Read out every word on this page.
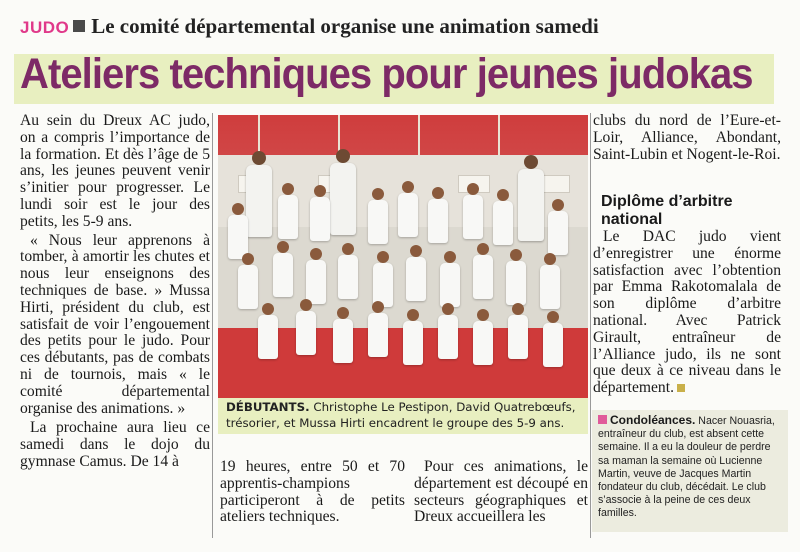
JUDO Le comité départemental organise une animation samedi
Ateliers techniques pour jeunes judokas

Au sein du Dreux AC judo, on a compris l’importance de la formation. Et dès l’âge de 5 ans, les jeunes peuvent venir s’initier pour progresser. Le lundi soir est le jour des petits, les 5-9 ans.

« Nous leur apprenons à tomber, à amortir les chutes et nous leur enseignons des techniques de base. » Mussa Hirti, président du club, est satisfait de voir l’engouement des petits pour le judo. Pour ces débutants, pas de combats ni de tournois, mais « le comité départemental organise des animations. »

La prochaine aura lieu ce samedi dans le dojo du gymnase Camus. De 14 à

DÉBUTANTS. Christophe Le Pestipon, David Quatrebœufs, trésorier, et Mussa Hirti encadrent le groupe des 5-9 ans.
19 heures, entre 50 et 70 apprentis-champions participeront à de petits ateliers techniques.
Pour ces animations, le département est découpé en secteurs géographiques et Dreux accueillera les
clubs du nord de l’Eure-et-Loir, Alliance, Abondant, Saint-Lubin et Nogent-le-Roi.
Diplôme d’arbitre national
Le DAC judo vient d’enregistrer une énorme satisfaction avec l’obtention par Emma Rakotomalala de son diplôme d’arbitre national. Avec Patrick Girault, entraîneur de l’Alliance judo, ils ne sont que deux à ce niveau dans le département.
Condoléances. Nacer Nouasria, entraîneur du club, est absent cette semaine. Il a eu la douleur de perdre sa maman la semaine où Lucienne Martin, veuve de Jacques Martin fondateur du club, décédait. Le club s’associe à la peine de ces deux familles.
